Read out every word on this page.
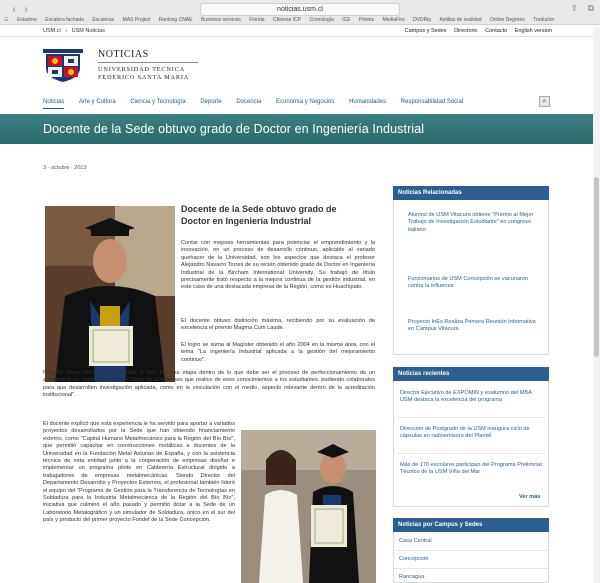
‹ ›	noticias.usm.cl	⇪ ⧉
☰ Estadore Escalera fachada Escaleras MAS Project Ranking CNAE Business services Florida Chinese ICP Cronología ICE Pilotes MediaFire DVDRip Astillas de realidad Online Degrees Traductor
USM.cl › USM Noticias	Campus y Sedes Directorio Contacto English version
NOTICIAS
UNIVERSIDAD TECNICA
FEDERICO SANTA MARIA
Noticias Arte y Cultura Ciencia y Tecnología Deporte Docencia Economía y Negocios Humanidades Responsabilidad Social	⌕
Docente de la Sede obtuvo grado de Doctor en Ingeniería Industrial
3 · octubre · 2013
Docente de la Sede obtuvo grado de Doctor en Ingeniería Industrial
Contar con mejores herramientas para potenciar el emprendimiento y la innovación, en un proceso de desarrollo continuo, aplicable al variado quehacer de la Universidad, son los aspectos que destaca el profesor Alejandro Navarro Torres de su recién obtenido grado de Doctor en Ingeniería Industrial de la Bircham International University. Su trabajo de título precisamente trató respecto a la mejora continua de la gestión industrial, en este caso de una destacada empresa de la Región, como es Huachipato.
El docente obtuvo distinción máxima, recibiendo por su evaluación de excelencia el premio Magma Cum Laude.
El logro se suma al Magíster obtenido el año 2004 en la misma área, con el tema "La ingeniería industrial aplicada a la gestión del mejoramiento continuo".
Navarro Torres indicó que su grado si bien fue una etapa dentro de lo que debe ser el proceso de perfeccionamiento de un académico, su importancia radica "tanto en el traspaso que realice de esos conocimientos a los estudiantes, pudiendo colaborales para que desarrollen investigación aplicada, como en la vinculación con el medio, aspecto relevante dentro de la acreditación institucional".
El docente explicó que esta experiencia le ha servido para aportar a variados proyectos desarrollados por la Sede que han obtenido financiamiento externo, como "Capital Humano Metalmecánico para la Región del Bío Bío", que permitió capacitar en construcciones metálicas a docentes de la Universidad en la Fundación Metal Asturias de España, y con la asistencia técnica de esta entidad junto a la cooperación de empresas diseñar e implementar un programa piloto en Calderería Estructural dirigido a trabajadores de empresas metalmecánicas. Siendo Director del Departamento Desarrollo y Proyectos Externos, el profesional también lideró el equipo del "Programa de Gestión para la Transferencia de Tecnologías en Soldadura para la Industria Metalmecánica de la Región del Bío Bío", iniciativa que culminó el año pasado y permitió dotar a la Sede de un Laboratorio Metalográfico y un simulador de Soldadura, único en el sur del país y producto del primer proyecto Fondef de la Sede Concepción.
Noticias Relacionadas
Alumno de USM Vitacura obtiene "Premio al Mejor Trabajo de Investigación Estudiante" en congreso italiano
Funcionarios de USM Concepción se vacunaron contra la influenza
Proyecto InEs Realiza Primera Reunión Informativa en Campus Vitacura
Noticias recientes
Director Ejecutivo de EXPOMIN y exalumno del MBA USM destaca la excelencia del programa
Dirección de Postgrado de la USM inaugura ciclo de cápsulas en radioemisora del Plantel
Más de 170 escolares participan del Programa Preliminar Técnico de la USM Viña del Mar
Ver más
Noticias por Campus y Sedes
Casa Central
Concepción
Rancagua
